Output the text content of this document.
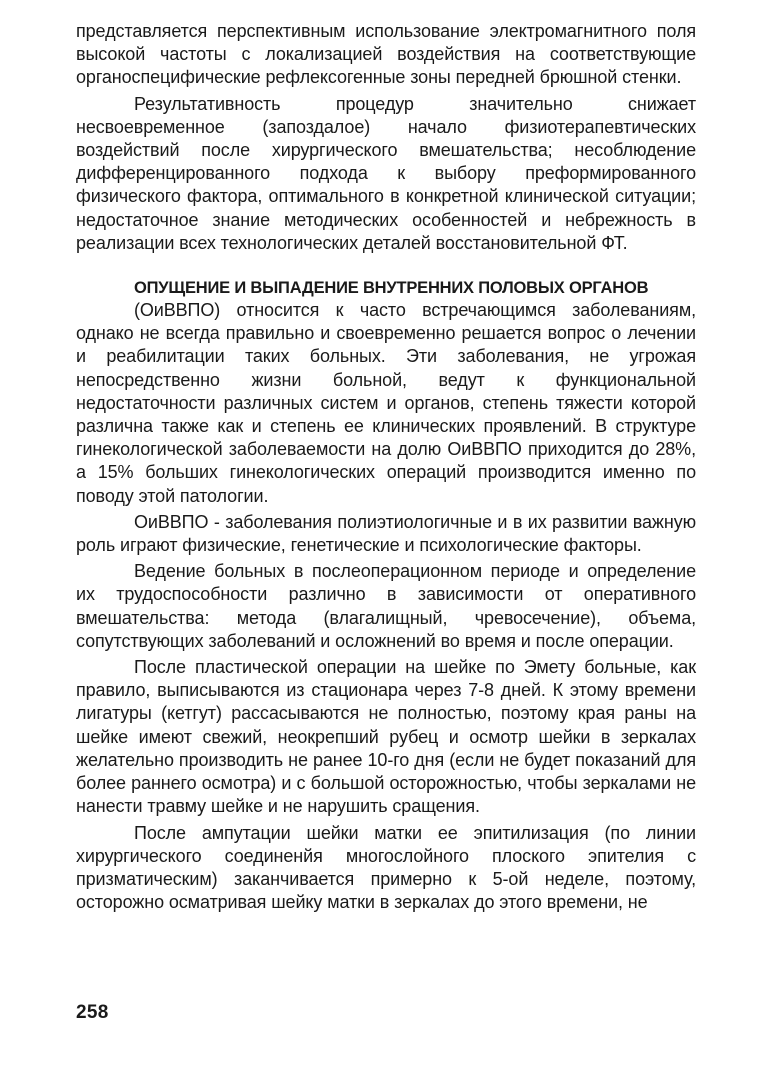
представляется перспективным использование электромагнитного поля высокой частоты с локализацией воздействия на соответствующие органоспецифические рефлексогенные зоны передней брюшной стенки.

Результативность процедур значительно снижает несвоевременное (запоздалое) начало физиотерапевтических воздействий после хирургического вмешательства; несоблюдение дифференцированного подхода к выбору преформированного физического фактора, оптимального в конкретной клинической ситуации; недостаточное знание методических особенностей и небрежность в реализации всех технологических деталей восстановительной ФТ.

ОПУЩЕНИЕ И ВЫПАДЕНИЕ ВНУТРЕННИХ ПОЛОВЫХ ОРГАНОВ

(ОиВВПО) относится к часто встречающимся заболеваниям, однако не всегда правильно и своевременно решается вопрос о лечении и реабилитации таких больных. Эти заболевания, не угрожая непосредственно жизни больной, ведут к функциональной недостаточности различных систем и органов, степень тяжести которой различна также как и степень ее клинических проявлений. В структуре гинекологической заболеваемости на долю ОиВВПО приходится до 28%, а 15% больших гинекологических операций производится именно по поводу этой патологии.

ОиВВПО - заболевания полиэтиологичные и в их развитии важную роль играют физические, генетические и психологические факторы.

Ведение больных в послеоперационном периоде и определение их трудоспособности различно в зависимости от оперативного вмешательства: метода (влагалищный, чревосечение), объема, сопутствующих заболеваний и осложнений во время и после операции.

После пластической операции на шейке по Эмету больные, как правило, выписываются из стационара через 7-8 дней. К этому времени лигатуры (кетгут) рассасываются не полностью, поэтому края раны на шейке имеют свежий, неокрепший рубец и осмотр шейки в зеркалах желательно производить не ранее 10-го дня (если не будет показаний для более раннего осмотра) и с большой осторожностью, чтобы зеркалами не нанести травму шейке и не нарушить сращения.

После ампутации шейки матки ее эпитилизация (по линии хирургического соединенйя многослойного плоского эпителия с призматическим) заканчивается примерно к 5-ой неделе, поэтому, осторожно осматривая шейку матки в зеркалах до этого времени, не

258
